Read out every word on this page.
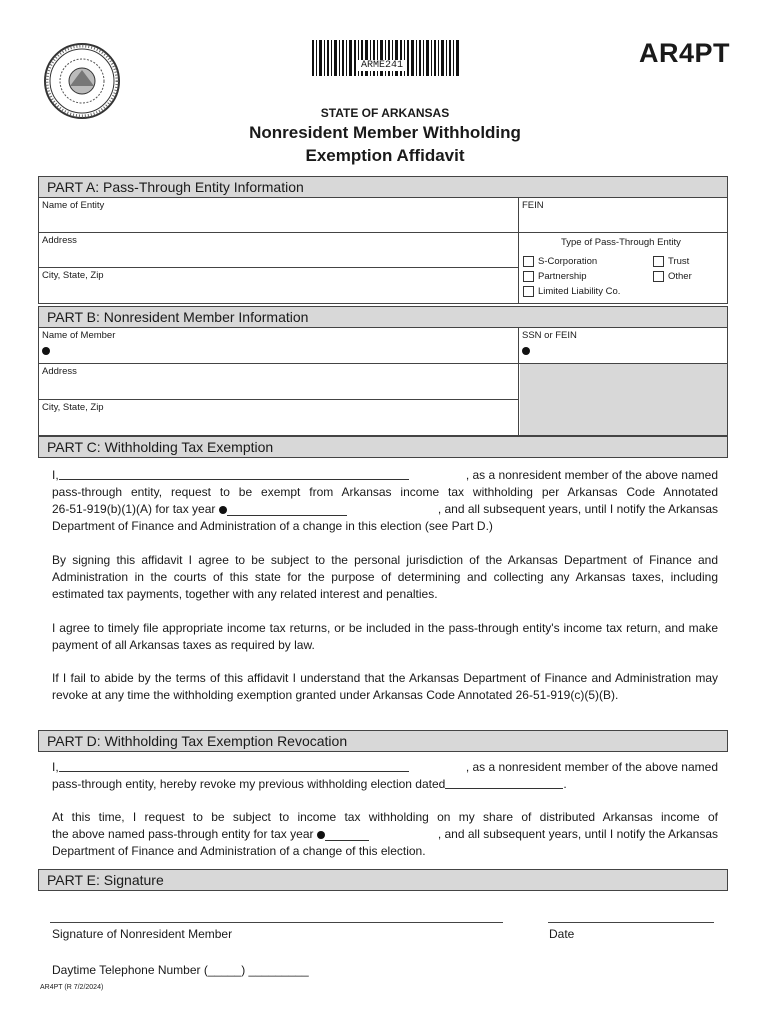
ARME241	AR4PT
STATE OF ARKANSAS
Nonresident Member Withholding
Exemption Affidavit
PART A: Pass-Through Entity Information
Name of Entity	FEIN
Address
City, State, Zip
Type of Pass-Through Entity
S-Corporation
Partnership
Limited Liability Co.
Trust
Other
PART B: Nonresident Member Information
Name of Member	SSN or FEIN
Address
City, State, Zip
PART C: Withholding Tax Exemption
I,	, as a nonresident member of the above named
pass-through entity, request to be exempt from Arkansas income tax withholding per Arkansas Code Annotated
26-51-919(b)(1)(A) for tax year
	, and all subsequent years, until I notify the Arkansas
Department of Finance and Administration of a change in this election (see Part D.)
By signing this affidavit I agree to be subject to the personal jurisdiction of the Arkansas Department of Finance and Administration in the courts of this state for the purpose of determining and collecting any Arkansas taxes, including estimated tax payments, together with any related interest and penalties.
I agree to timely file appropriate income tax returns, or be included in the pass-through entity's income tax return, and make payment of all Arkansas taxes as required by law.
If I fail to abide by the terms of this affidavit I understand that the Arkansas Department of Finance and Administration may revoke at any time the withholding exemption granted under Arkansas Code Annotated 26-51-919(c)(5)(B).
PART D: Withholding Tax Exemption Revocation
I,	, as a nonresident member of the above named
pass-through entity, hereby revoke my previous withholding election dated	.
At this time, I request to be subject to income tax withholding on my share of distributed Arkansas income of
the above named pass-through entity for tax year
	, and all subsequent years, until I notify the Arkansas
Department of Finance and Administration of a change of this election.
PART E: Signature
Signature of Nonresident Member	Date
Daytime Telephone Number (_____) _________
AR4PT (R 7/2/2024)
